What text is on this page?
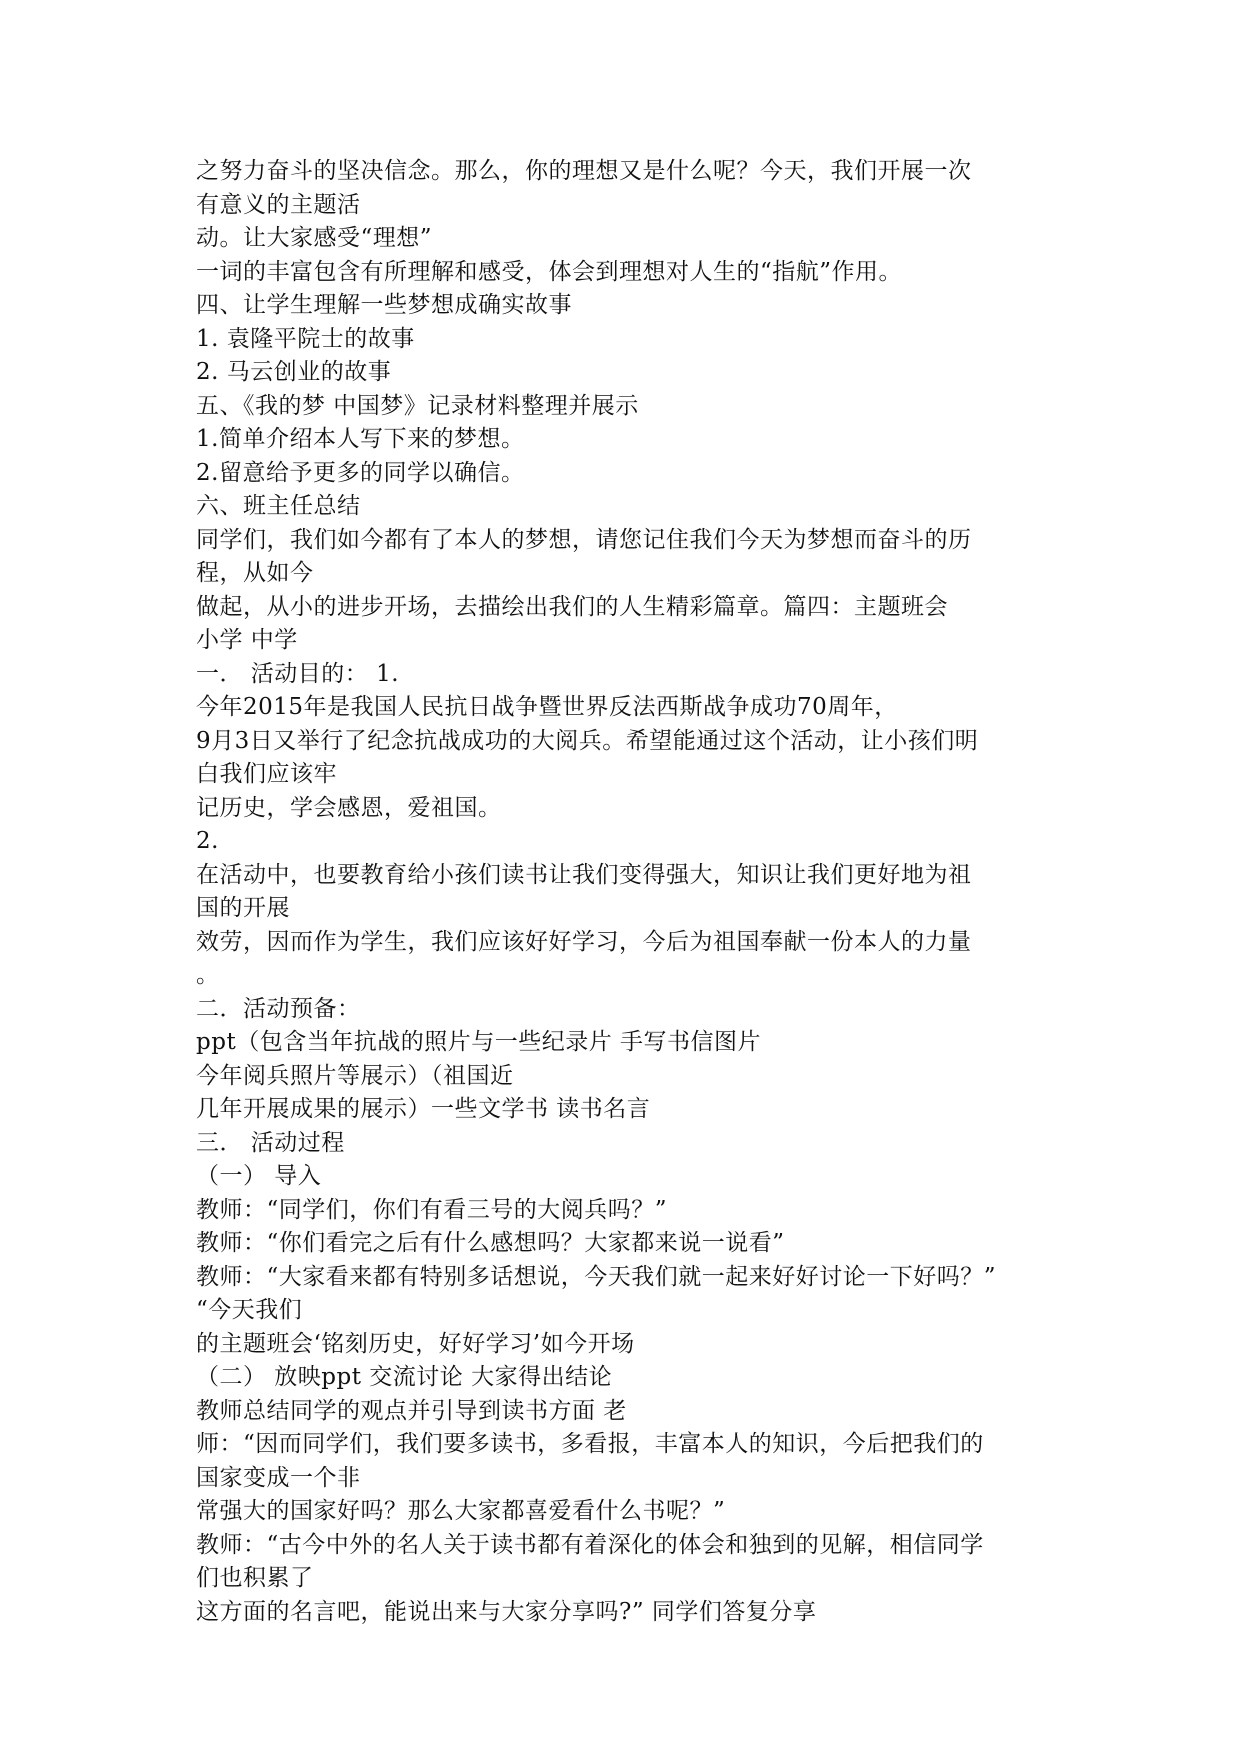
之努力奋斗的坚决信念。那么，你的理想又是什么呢？今天，我们开展一次
有意义的主题活
动。让大家感受“理想”
一词的丰富包含有所理解和感受，体会到理想对人生的“指航”作用。
四、让学生理解一些梦想成确实故事
1. 袁隆平院士的故事
2. 马云创业的故事
五、《我的梦 中国梦》记录材料整理并展示
1.简单介绍本人写下来的梦想。
2.留意给予更多的同学以确信。
六、班主任总结
同学们，我们如今都有了本人的梦想，请您记住我们今天为梦想而奋斗的历
程，从如今
做起，从小的进步开场，去描绘出我们的人生精彩篇章。篇四：主题班会
小学 中学
一． 活动目的： 1.
今年2015年是我国人民抗日战争暨世界反法西斯战争成功70周年，
9月3日又举行了纪念抗战成功的大阅兵。希望能通过这个活动，让小孩们明
白我们应该牢
记历史，学会感恩，爱祖国。
2.
在活动中，也要教育给小孩们读书让我们变得强大，知识让我们更好地为祖
国的开展
效劳，因而作为学生，我们应该好好学习，今后为祖国奉献一份本人的力量
。
二．活动预备：
ppt（包含当年抗战的照片与一些纪录片 手写书信图片
今年阅兵照片等展示）（祖国近
几年开展成果的展示）一些文学书 读书名言
三． 活动过程
（一） 导入
教师：“同学们，你们有看三号的大阅兵吗？”
教师：“你们看完之后有什么感想吗？大家都来说一说看”
教师：“大家看来都有特别多话想说，今天我们就一起来好好讨论一下好吗？”
“今天我们
的主题班会‘铭刻历史，好好学习’如今开场
（二） 放映ppt 交流讨论 大家得出结论
教师总结同学的观点并引导到读书方面 老
师：“因而同学们，我们要多读书，多看报，丰富本人的知识，今后把我们的
国家变成一个非
常强大的国家好吗？那么大家都喜爱看什么书呢？”
教师：“古今中外的名人关于读书都有着深化的体会和独到的见解，相信同学
们也积累了
这方面的名言吧，能说出来与大家分享吗?” 同学们答复分享
